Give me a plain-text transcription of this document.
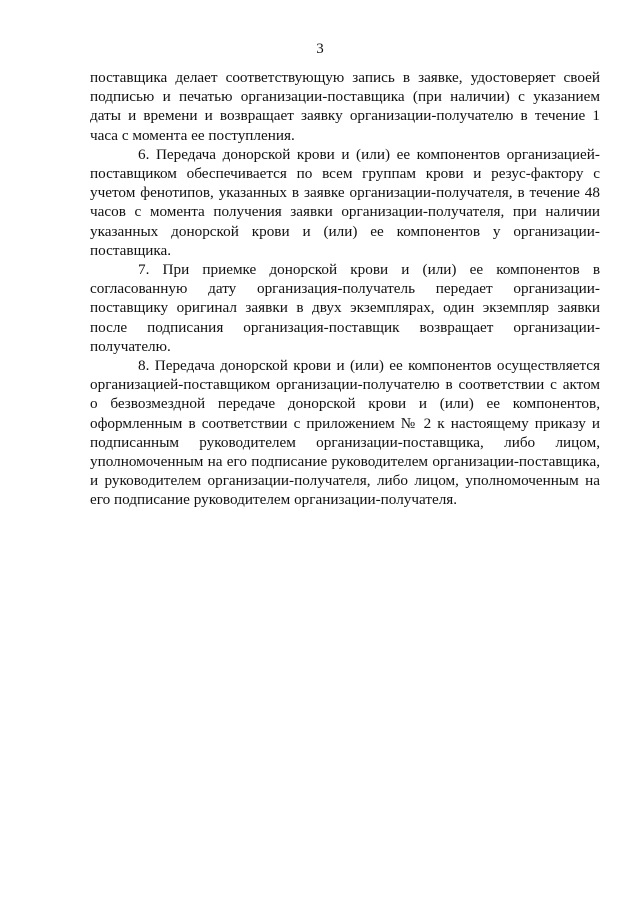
3

поставщика делает соответствующую запись в заявке, удостоверяет своей подписью и печатью организации-поставщика (при наличии) с указанием даты и времени и возвращает заявку организации-получателю в течение 1 часа с момента ее поступления.

6. Передача донорской крови и (или) ее компонентов организацией-поставщиком обеспечивается по всем группам крови и резус-фактору с учетом фенотипов, указанных в заявке организации-получателя, в течение 48 часов с момента получения заявки организации-получателя, при наличии указанных донорской крови и (или) ее компонентов у организации-поставщика.

7. При приемке донорской крови и (или) ее компонентов в согласованную дату организация-получатель передает организации-поставщику оригинал заявки в двух экземплярах, один экземпляр заявки после подписания организация-поставщик возвращает организации-получателю.

8. Передача донорской крови и (или) ее компонентов осуществляется организацией-поставщиком организации-получателю в соответствии с актом о безвозмездной передаче донорской крови и (или) ее компонентов, оформленным в соответствии с приложением № 2 к настоящему приказу и подписанным руководителем организации-поставщика, либо лицом, уполномоченным на его подписание руководителем организации-поставщика, и руководителем организации-получателя, либо лицом, уполномоченным на его подписание руководителем организации-получателя.
